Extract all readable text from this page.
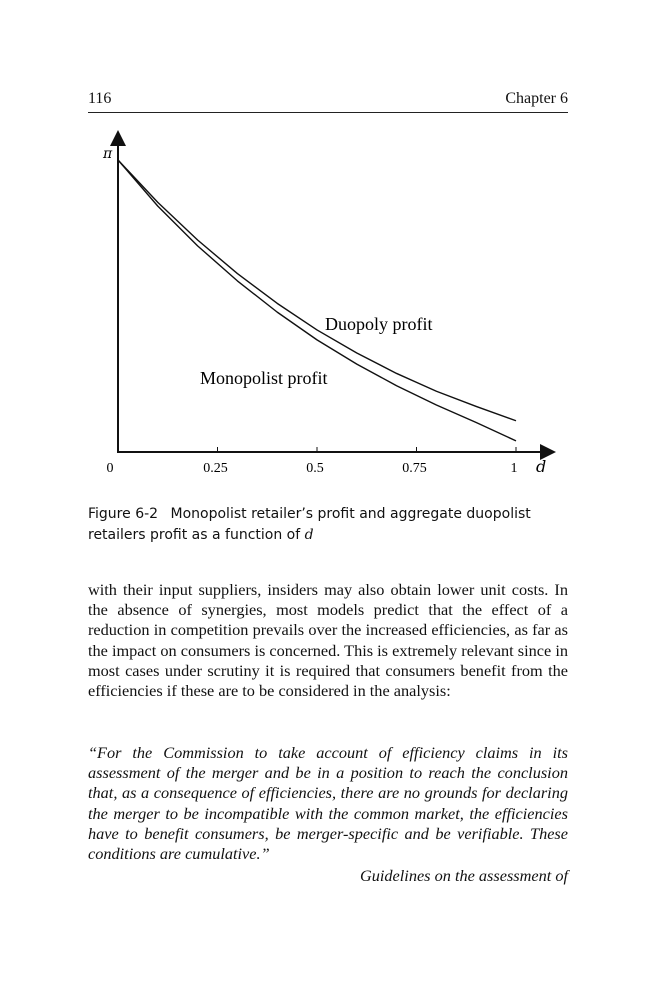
116	Chapter 6
π
d
0	0.25	0.5	0.75	1
Duopoly profit
Monopolist profit
Figure 6-2 Monopolist retailer’s profit and aggregate duopolist retailers profit as a function of d

with their input suppliers, insiders may also obtain lower unit costs. In the absence of synergies, most models predict that the effect of a reduction in competition prevails over the increased efficiencies, as far as the impact on consumers is concerned. This is extremely relevant since in most cases under scrutiny it is required that consumers benefit from the efficiencies if these are to be considered in the analysis:

“For the Commission to take account of efficiency claims in its assessment of the merger and be in a position to reach the conclusion that, as a consequence of efficiencies, there are no grounds for declaring the merger to be incompatible with the common market, the efficiencies have to benefit consumers, be merger-specific and be verifiable. These conditions are cumulative.”

Guidelines on the assessment of
